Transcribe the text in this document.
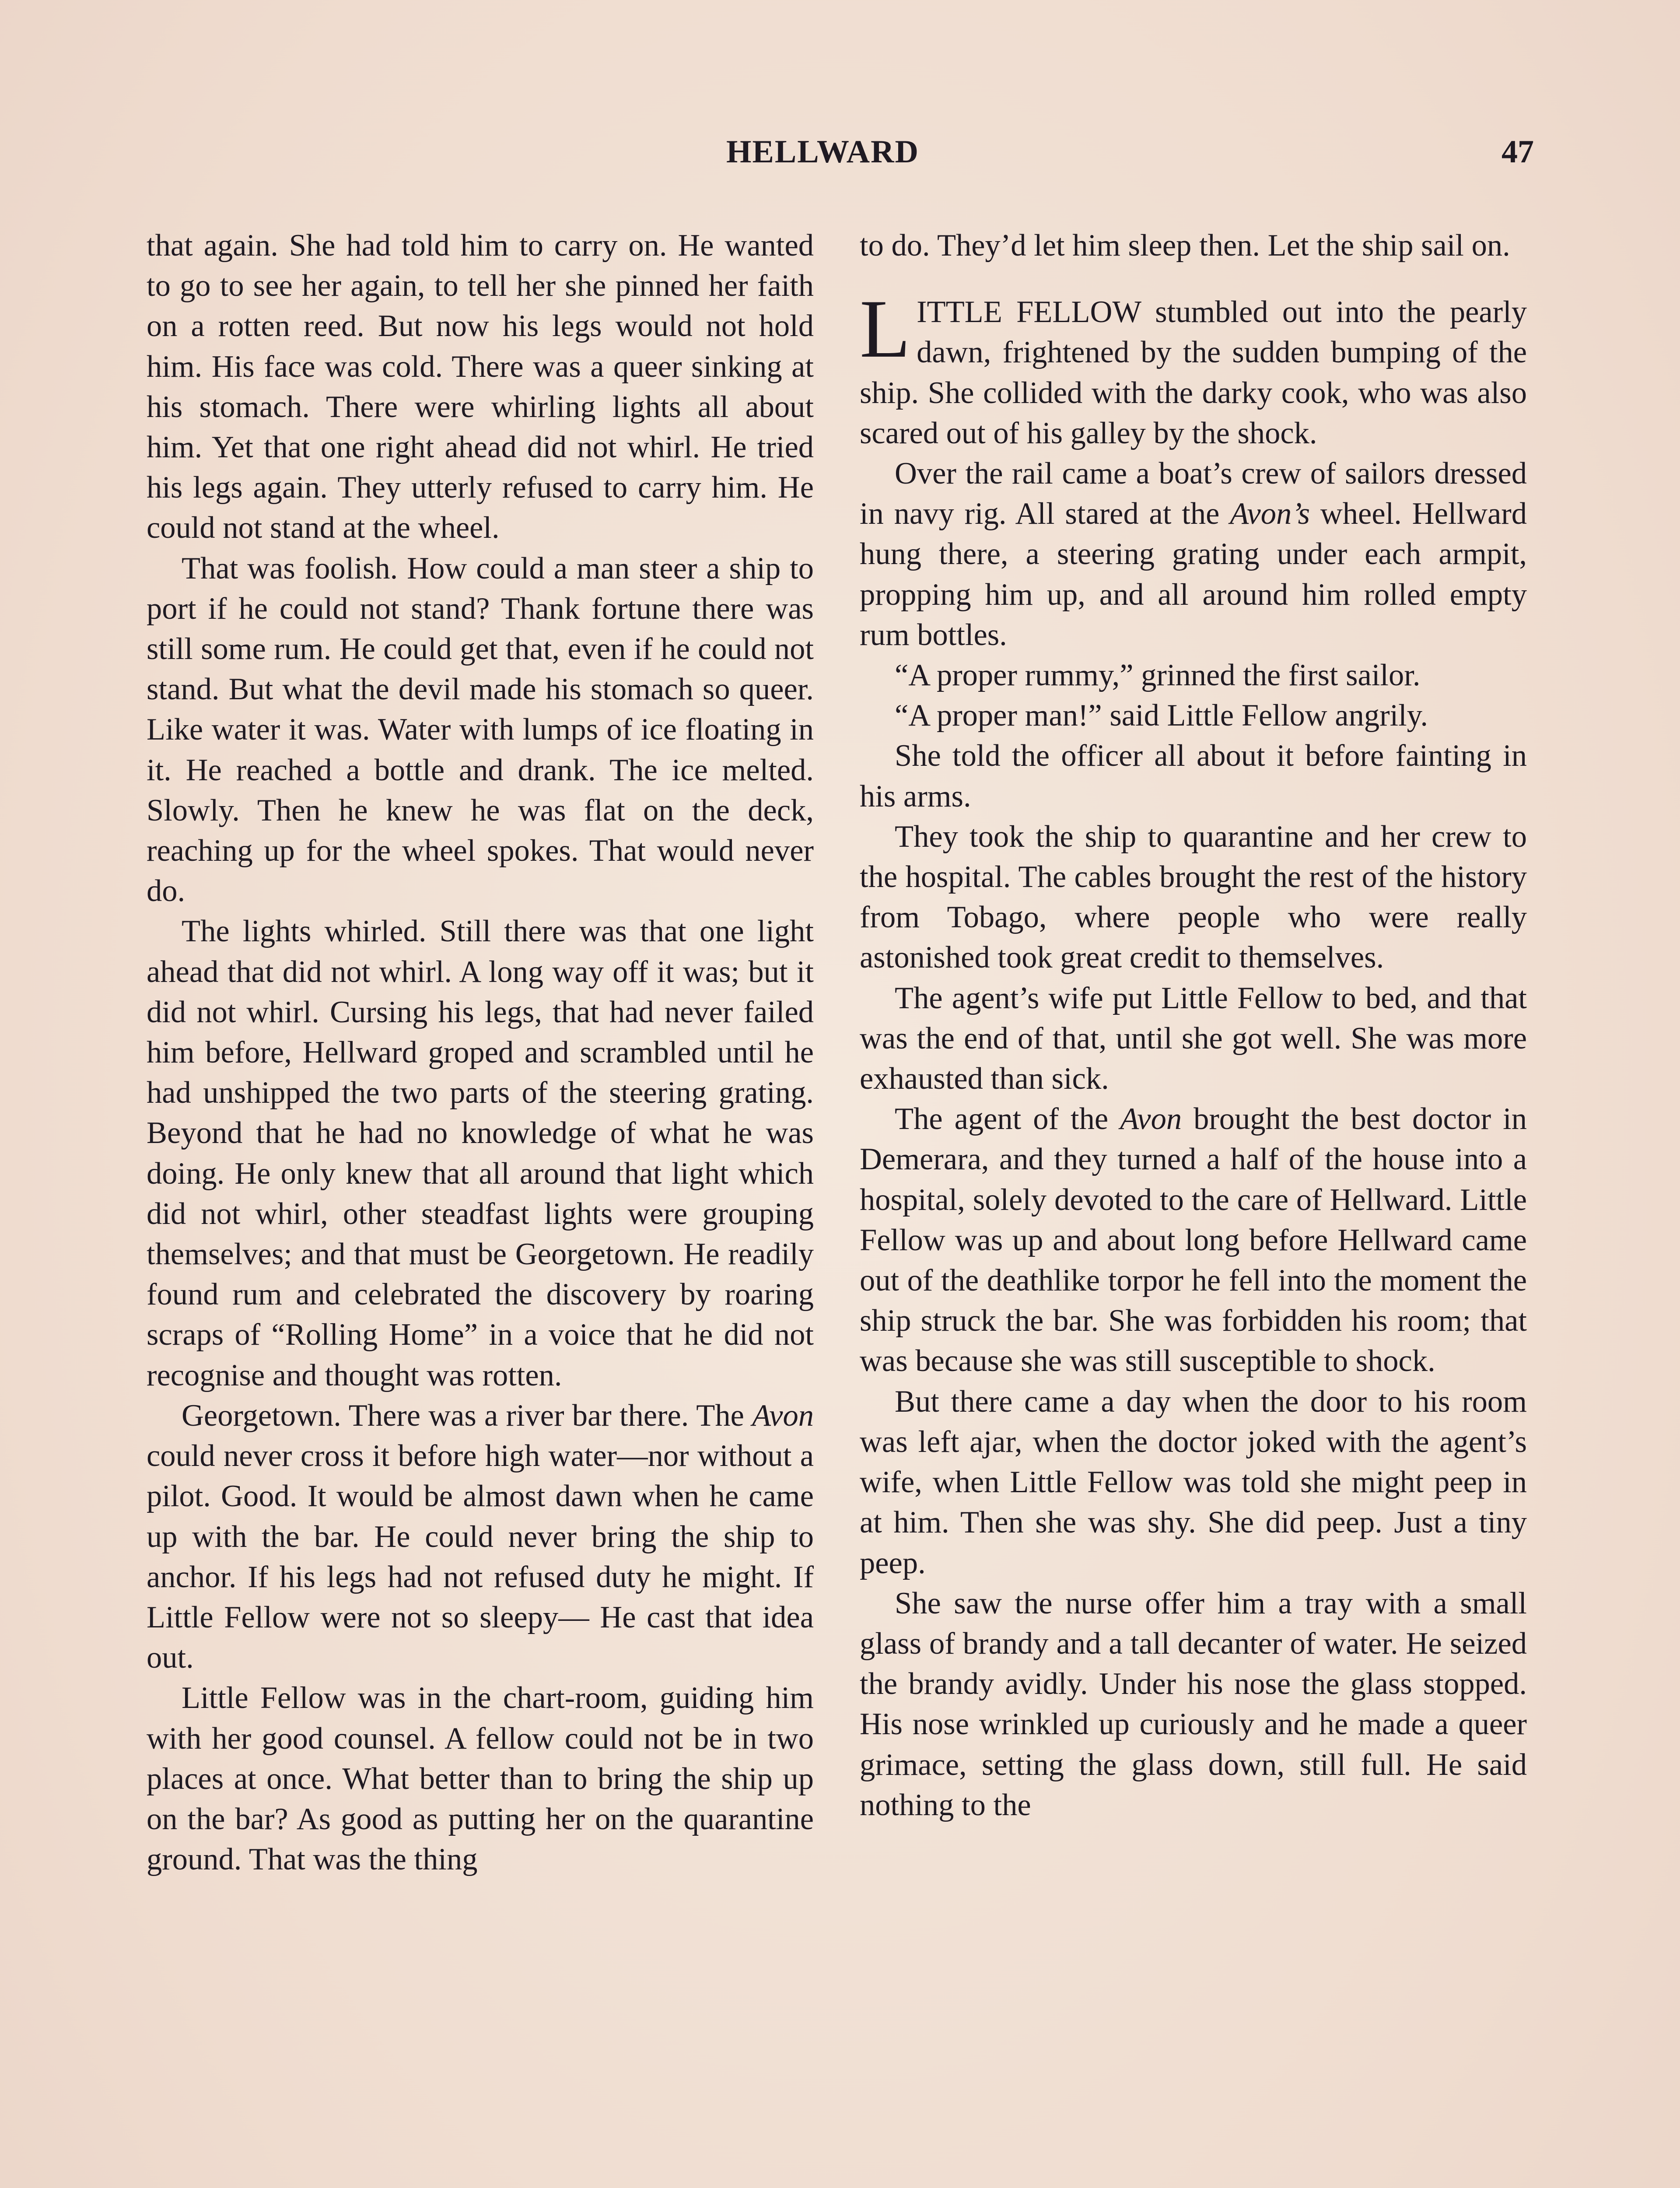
HELLWARD	47

that again. She had told him to carry on. He wanted to go to see her again, to tell her she pinned her faith on a rotten reed. But now his legs would not hold him. His face was cold. There was a queer sinking at his stomach. There were whirling lights all about him. Yet that one right ahead did not whirl. He tried his legs again. They utterly refused to carry him. He could not stand at the wheel.

That was foolish. How could a man steer a ship to port if he could not stand? Thank fortune there was still some rum. He could get that, even if he could not stand. But what the devil made his stomach so queer. Like water it was. Water with lumps of ice floating in it. He reached a bottle and drank. The ice melted. Slowly. Then he knew he was flat on the deck, reaching up for the wheel spokes. That would never do.

The lights whirled. Still there was that one light ahead that did not whirl. A long way off it was; but it did not whirl. Cursing his legs, that had never failed him before, Hellward groped and scrambled until he had unshipped the two parts of the steering grating. Beyond that he had no knowledge of what he was doing. He only knew that all around that light which did not whirl, other steadfast lights were grouping themselves; and that must be Georgetown. He readily found rum and celebrated the discovery by roaring scraps of “Rolling Home” in a voice that he did not recognise and thought was rotten.

Georgetown. There was a river bar there. The Avon could never cross it before high water—nor without a pilot. Good. It would be almost dawn when he came up with the bar. He could never bring the ship to anchor. If his legs had not refused duty he might. If Little Fellow were not so sleepy— He cast that idea out.

Little Fellow was in the chart-room, guiding him with her good counsel. A fellow could not be in two places at once. What better than to bring the ship up on the bar? As good as putting her on the quarantine ground. That was the thing

to do. They’d let him sleep then. Let the ship sail on.

LITTLE FELLOW stumbled out into the pearly dawn, frightened by the sudden bumping of the ship. She collided with the darky cook, who was also scared out of his galley by the shock.

Over the rail came a boat’s crew of sailors dressed in navy rig. All stared at the Avon’s wheel. Hellward hung there, a steering grating under each armpit, propping him up, and all around him rolled empty rum bottles.

“A proper rummy,” grinned the first sailor.

“A proper man!” said Little Fellow angrily.

She told the officer all about it before fainting in his arms.

They took the ship to quarantine and her crew to the hospital. The cables brought the rest of the history from Tobago, where people who were really astonished took great credit to themselves.

The agent’s wife put Little Fellow to bed, and that was the end of that, until she got well. She was more exhausted than sick.

The agent of the Avon brought the best doctor in Demerara, and they turned a half of the house into a hospital, solely devoted to the care of Hellward. Little Fellow was up and about long before Hellward came out of the deathlike torpor he fell into the moment the ship struck the bar. She was forbidden his room; that was because she was still susceptible to shock.

But there came a day when the door to his room was left ajar, when the doctor joked with the agent’s wife, when Little Fellow was told she might peep in at him. Then she was shy. She did peep. Just a tiny peep.

She saw the nurse offer him a tray with a small glass of brandy and a tall decanter of water. He seized the brandy avidly. Under his nose the glass stopped. His nose wrinkled up curiously and he made a queer grimace, setting the glass down, still full. He said nothing to the
